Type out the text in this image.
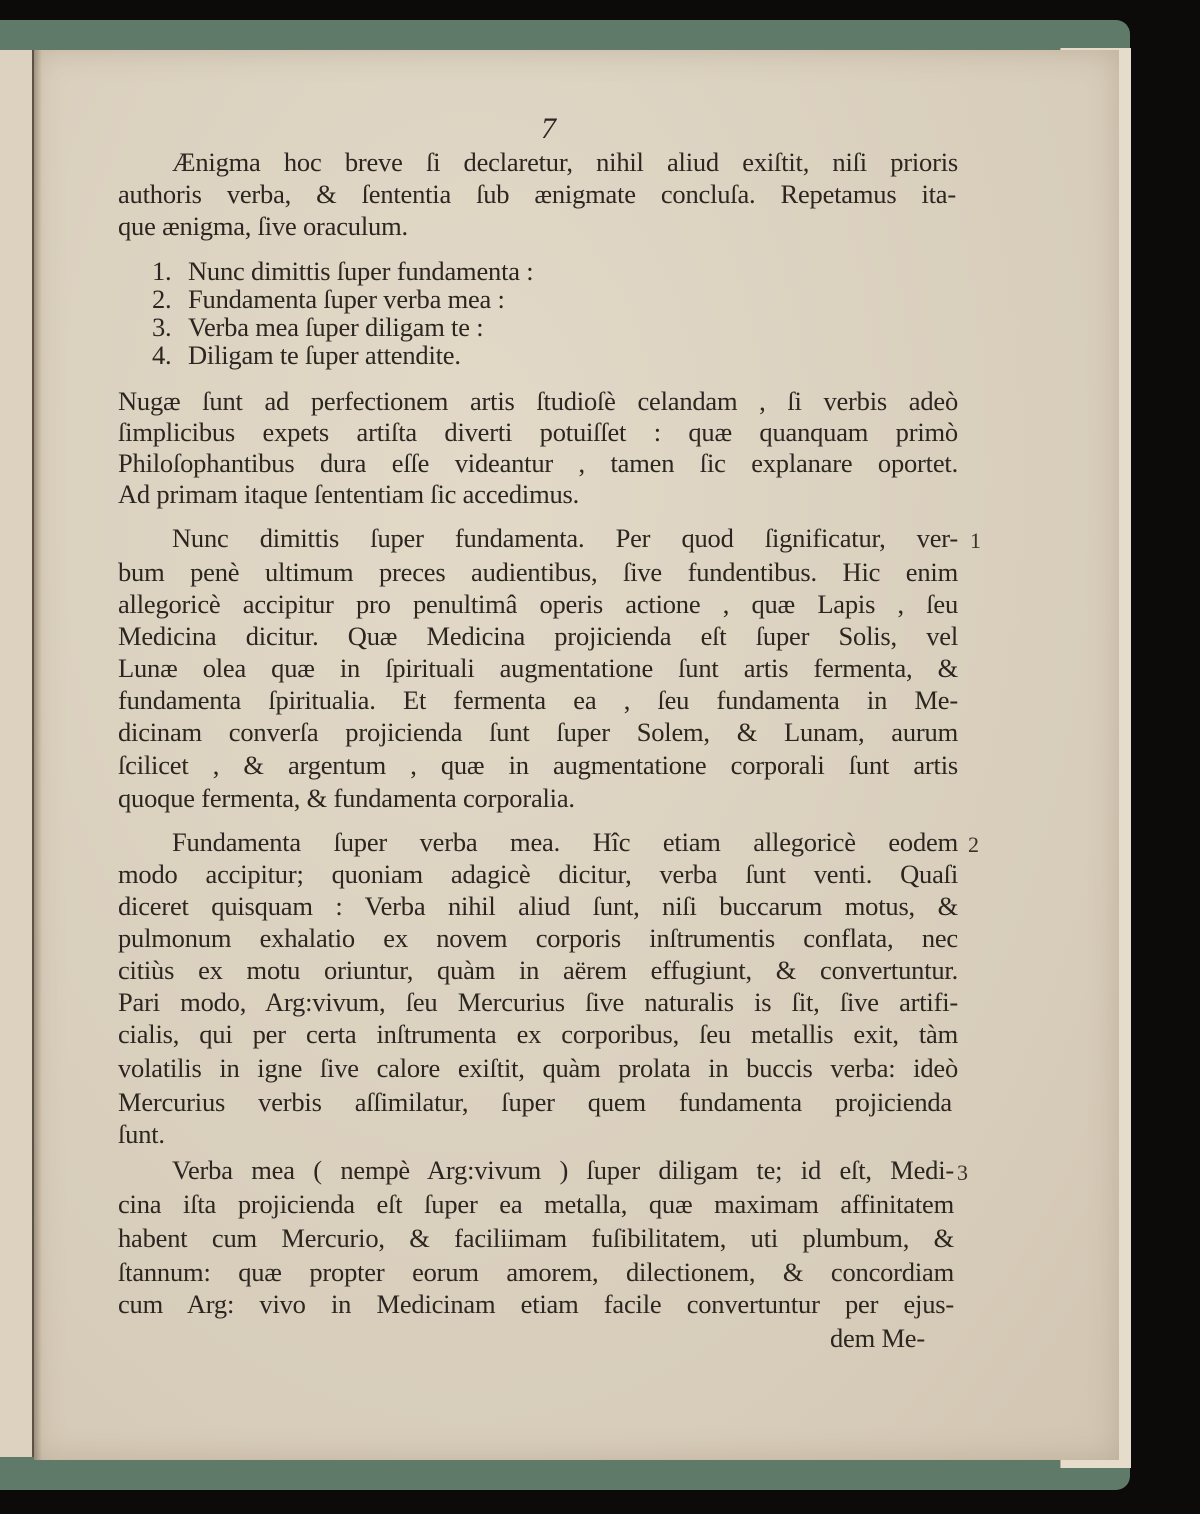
7
Ænigma hoc breve ſi declaretur, nihil aliud exiſtit, niſi prioris
authoris verba, & ſententia ſub ænigmate concluſa. Repetamus ita-
que ænigma, ſive oraculum.
1. Nunc dimittis ſuper fundamenta :
2. Fundamenta ſuper verba mea :
3. Verba mea ſuper diligam te :
4. Diligam te ſuper attendite.
Nugæ ſunt ad perfectionem artis ſtudioſè celandam , ſi verbis adeò
ſimplicibus expets artiſta diverti potuiſſet : quæ quanquam primò
Philoſophantibus dura eſſe videantur , tamen ſic explanare oportet.
Ad primam itaque ſententiam ſic accedimus.
Nunc dimittis ſuper fundamenta. Per quod ſignificatur, ver-
bum penè ultimum preces audientibus, ſive fundentibus. Hic enim
allegoricè accipitur pro penultimâ operis actione , quæ Lapis , ſeu
Medicina dicitur. Quæ Medicina projicienda eſt ſuper Solis, vel
Lunæ olea quæ in ſpirituali augmentatione ſunt artis fermenta, &
fundamenta ſpiritualia. Et fermenta ea , ſeu fundamenta in Me-
dicinam converſa projicienda ſunt ſuper Solem, & Lunam, aurum
ſcilicet , & argentum , quæ in augmentatione corporali ſunt artis
quoque fermenta, & fundamenta corporalia.
Fundamenta ſuper verba mea. Hîc etiam allegoricè eodem
modo accipitur; quoniam adagicè dicitur, verba ſunt venti. Quaſi
diceret quisquam : Verba nihil aliud ſunt, niſi buccarum motus, &
pulmonum exhalatio ex novem corporis inſtrumentis conflata, nec
citiùs ex motu oriuntur, quàm in aërem effugiunt, & convertuntur.
Pari modo, Arg:vivum, ſeu Mercurius ſive naturalis is ſit, ſive artifi-
cialis, qui per certa inſtrumenta ex corporibus, ſeu metallis exit, tàm
volatilis in igne ſive calore exiſtit, quàm prolata in buccis verba: ideò
Mercurius verbis aſſimilatur, ſuper quem fundamenta projicienda
ſunt.
Verba mea ( nempè Arg:vivum ) ſuper diligam te; id eſt, Medi-
cina iſta projicienda eſt ſuper ea metalla, quæ maximam affinitatem
habent cum Mercurio, & faciliimam fuſibilitatem, uti plumbum, &
ſtannum: quæ propter eorum amorem, dilectionem, & concordiam
cum Arg: vivo in Medicinam etiam facile convertuntur per ejus-
dem Me-
1
2
3
